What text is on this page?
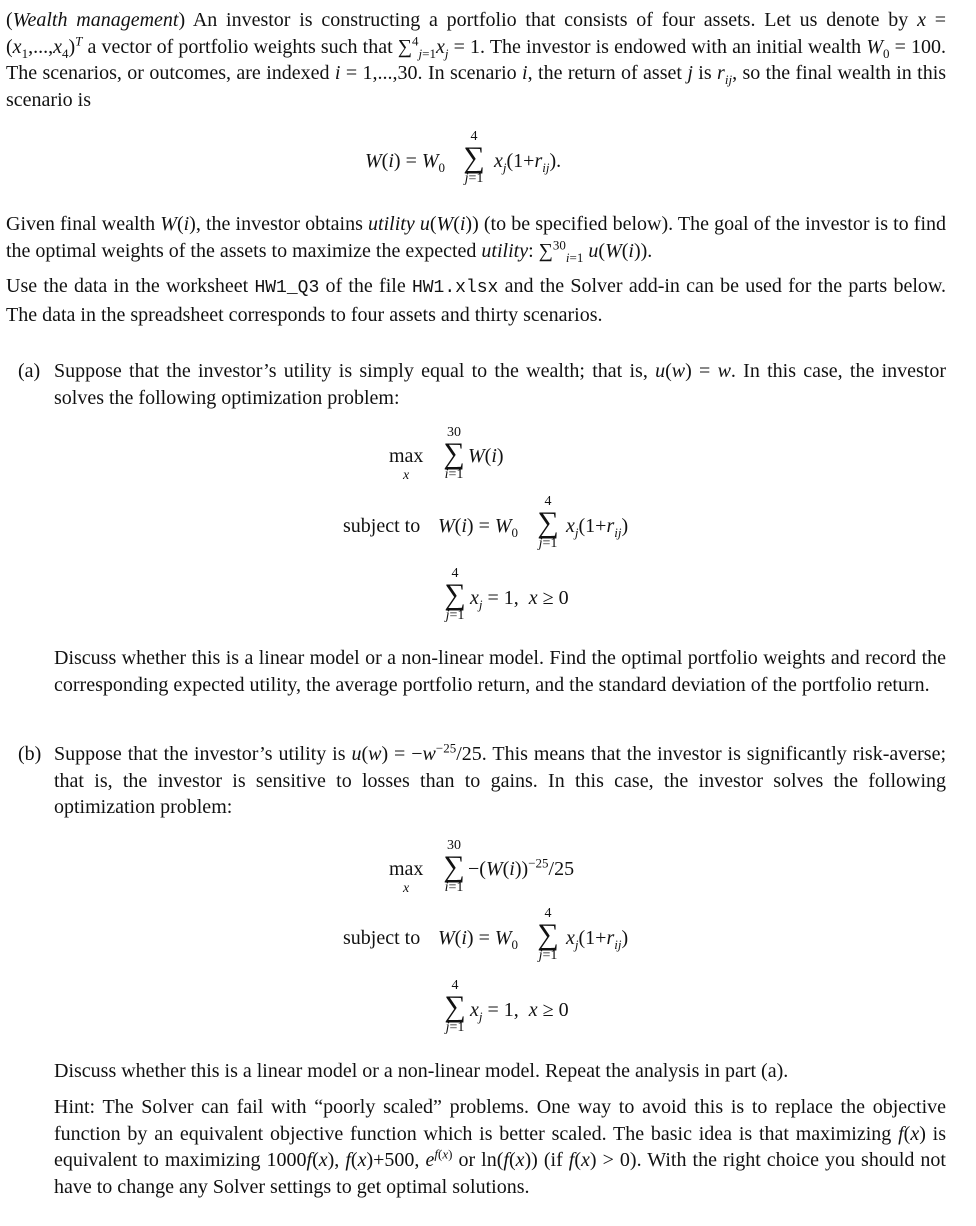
(Wealth management) An investor is constructing a portfolio that consists of four assets. Let us denote by $x = (x_1,...,x_4)^T$ a vector of portfolio weights such that $\sum^4_{j=1}x_j = 1$. The investor is endowed with an initial wealth $W_0 = 100$. The scenarios, or outcomes, are indexed i = 1,...,30. In scenario i, the return of asset j is $r_{ij}$, so the final wealth in this scenario is

$W(i) = W_0$
4
∑
j=1
$x_j(1+r_{ij})$.

Given final wealth W(i), the investor obtains utility u(W(i)) (to be specified below). The goal of the investor is to find the optimal weights of the assets to maximize the expected utility: ∑$^{30}_{i=1}$ u(W(i)).

Use the data in the worksheet HW1_Q3 of the file HW1.xlsx and the Solver add-in can be used for the parts below. The data in the spreadsheet corresponds to four assets and thirty scenarios.

(a) Suppose that the investor’s utility is simply equal to the wealth; that is, u(w) = w. In this case, the investor solves the following optimization problem:

max
x
30
∑
i=1
W(i)
subject to $W(i) = W_0$
4
∑
j=1
$x_j(1+r_{ij})$
4
∑
j=1
$x_j = 1$,  x ≥ 0

Discuss whether this is a linear model or a non-linear model. Find the optimal portfolio weights and record the corresponding expected utility, the average portfolio return, and the standard deviation of the portfolio return.

(b) Suppose that the investor’s utility is $u(w) = -w^{-25}/25$. This means that the investor is significantly risk-averse; that is, the investor is sensitive to losses than to gains. In this case, the investor solves the following optimization problem:

max
x
30
∑
i=1
$-(W(i))^{-25}/25$
subject to $W(i) = W_0$
4
∑
j=1
$x_j(1+r_{ij})$
4
∑
j=1
$x_j = 1$,  x ≥ 0

Discuss whether this is a linear model or a non-linear model. Repeat the analysis in part (a).

Hint: The Solver can fail with “poorly scaled” problems. One way to avoid this is to replace the objective function by an equivalent objective function which is better scaled. The basic idea is that maximizing f(x) is equivalent to maximizing 1000f(x), f(x)+500, $e^{f(x)}$ or ln(f(x)) (if f(x) > 0). With the right choice you should not have to change any Solver settings to get optimal solutions.
